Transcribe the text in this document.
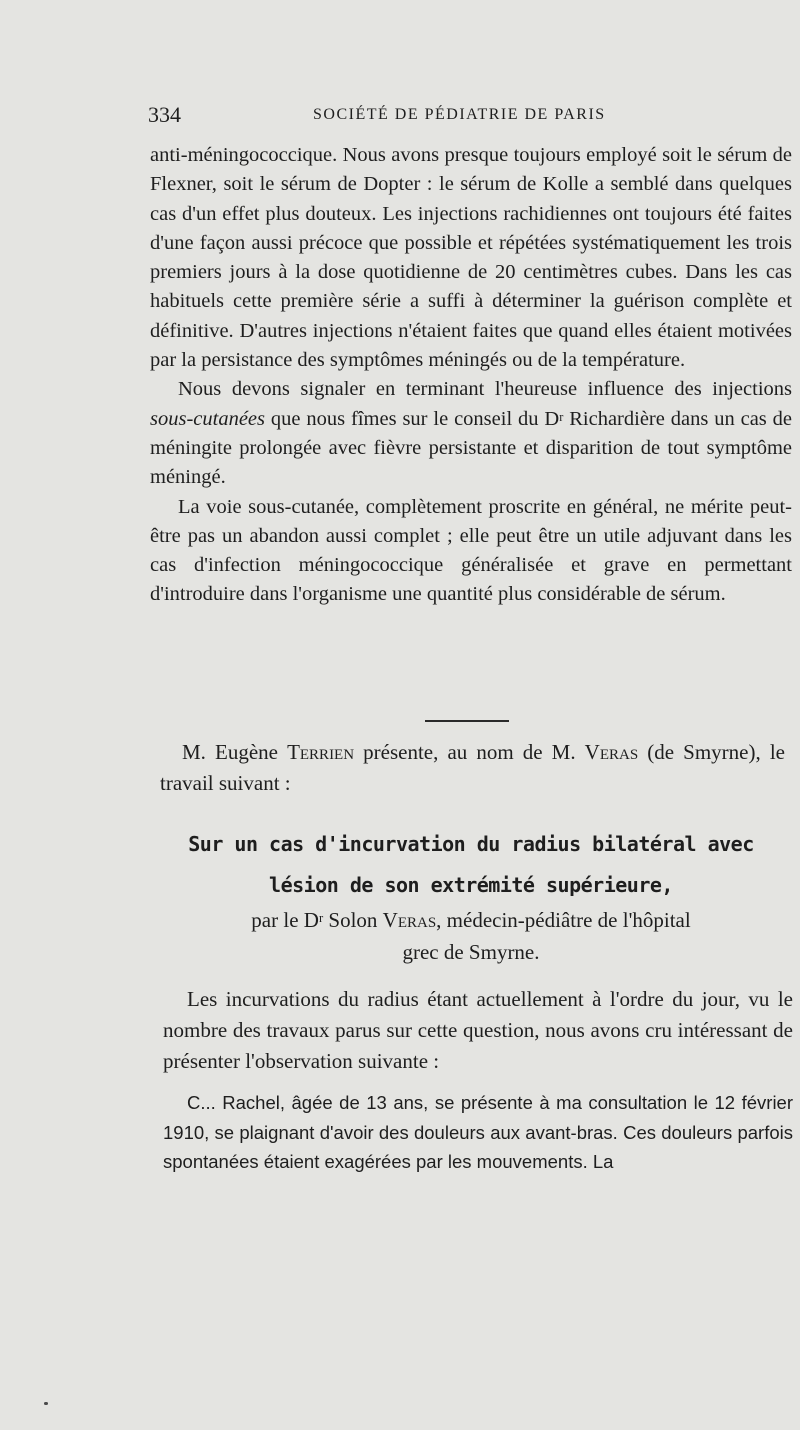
334	SOCIÉTÉ DE PÉDIATRIE DE PARIS

anti-méningococcique. Nous avons presque toujours employé soit le sérum de Flexner, soit le sérum de Dopter : le sérum de Kolle a semblé dans quelques cas d'un effet plus douteux. Les injections rachidiennes ont toujours été faites d'une façon aussi précoce que possible et répétées systématiquement les trois premiers jours à la dose quotidienne de 20 centimètres cubes. Dans les cas habituels cette première série a suffi à déterminer la guérison complète et définitive. D'autres injections n'étaient faites que quand elles étaient motivées par la persistance des symptômes méningés ou de la température.

Nous devons signaler en terminant l'heureuse influence des injections sous-cutanées que nous fîmes sur le conseil du $D^r$ Richardière dans un cas de méningite prolongée avec fièvre persistante et disparition de tout symptôme méningé.

La voie sous-cutanée, complètement proscrite en général, ne mérite peut-être pas un abandon aussi complet ; elle peut être un utile adjuvant dans les cas d'infection méningococcique généralisée et grave en permettant d'introduire dans l'organisme une quantité plus considérable de sérum.

M. Eugène Terrien présente, au nom de M. Veras (de Smyrne), le travail suivant :

Sur un cas d'incurvation du radius bilatéral avec
lésion de son extrémité supérieure,
par le $D^r$ Solon Veras, médecin-pédiâtre de l'hôpital
grec de Smyrne.

Les incurvations du radius étant actuellement à l'ordre du jour, vu le nombre des travaux parus sur cette question, nous avons cru intéressant de présenter l'observation suivante :

C... Rachel, âgée de 13 ans, se présente à ma consultation le 12 février 1910, se plaignant d'avoir des douleurs aux avant-bras. Ces douleurs parfois spontanées étaient exagérées par les mouvements. La
